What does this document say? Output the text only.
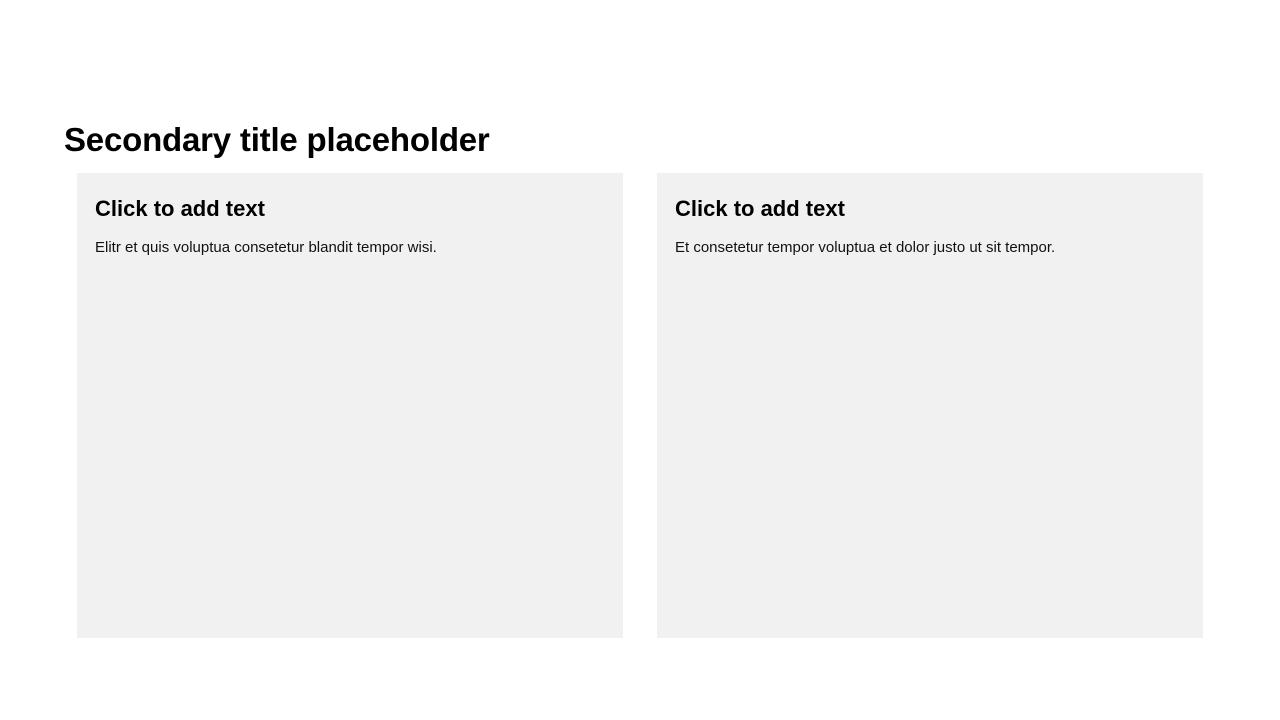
Secondary title placeholder
Click to add text

Elitr et quis voluptua consetetur blandit tempor wisi.

Click to add text

Et consetetur tempor voluptua et dolor justo ut sit tempor.
